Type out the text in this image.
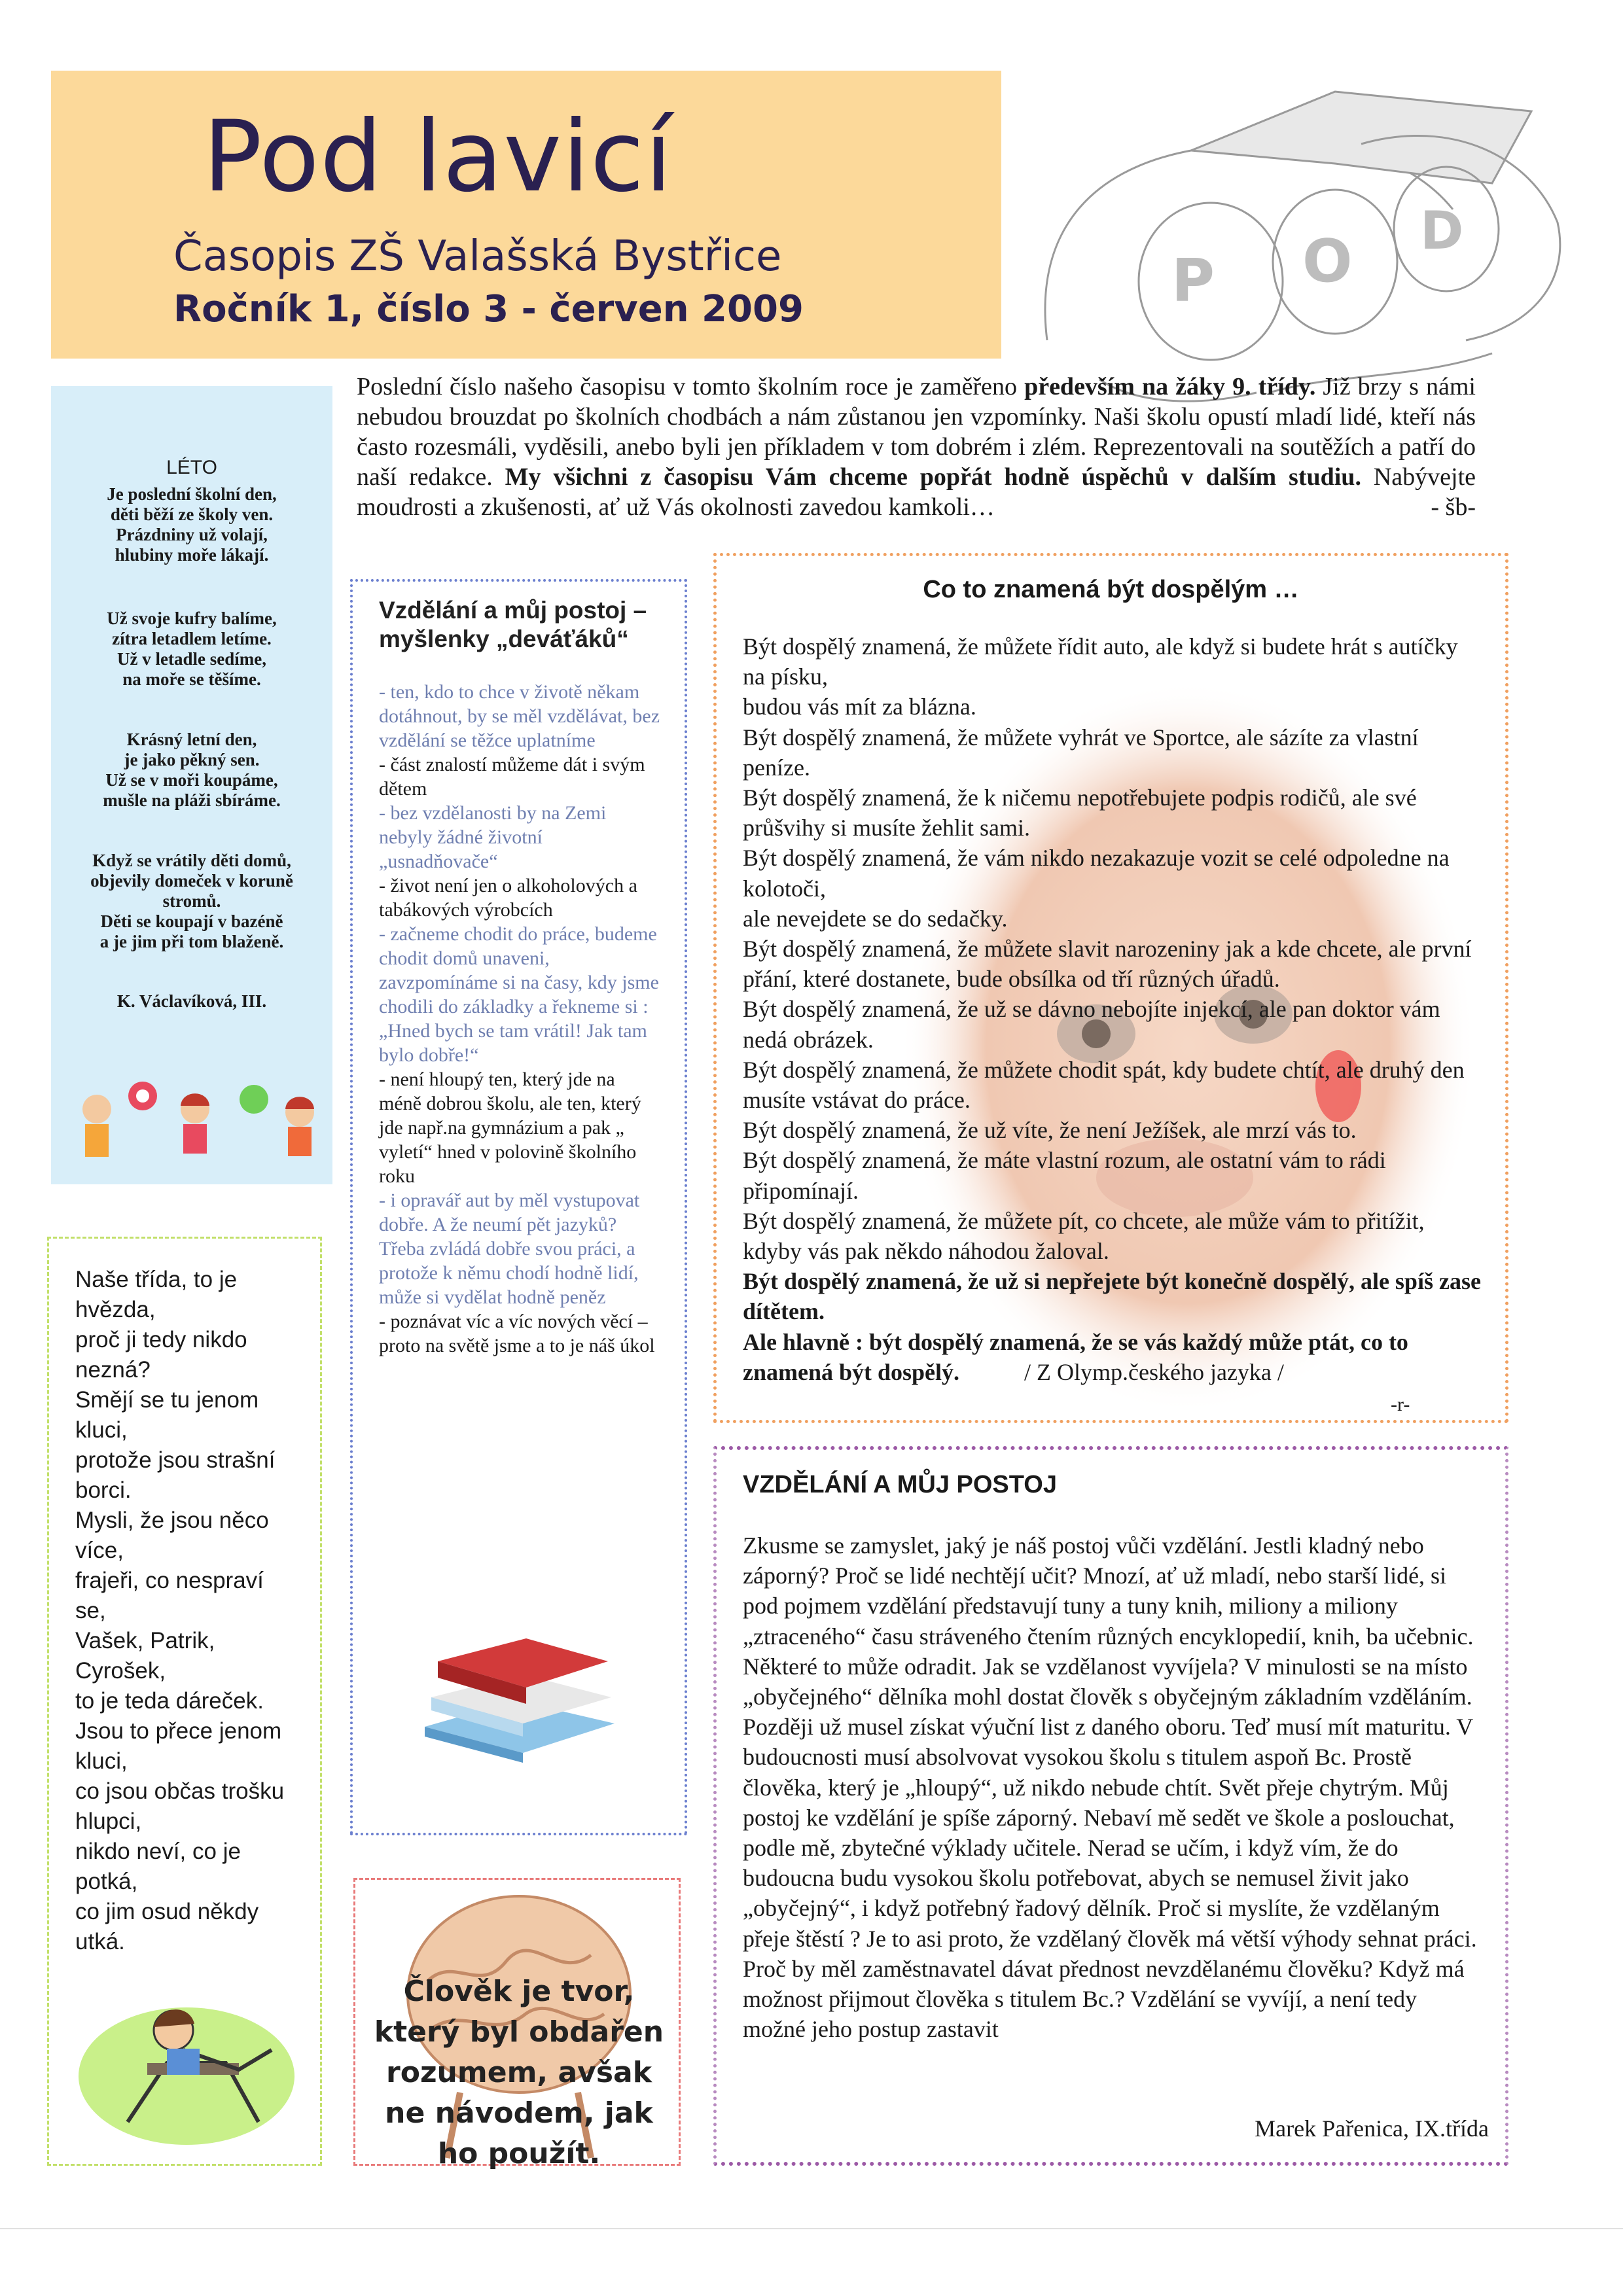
Pod lavicí
Časopis ZŠ Valašská Bystřice
Ročník 1, číslo 3 - červen 2009	P O D
Poslední číslo našeho časopisu v tomto školním roce je zaměřeno především na žáky 9. třídy. Již brzy s námi nebudou brouzdat po školních chodbách a nám zůstanou jen vzpomínky. Naši školu opustí mladí lidé, kteří nás často rozesmáli, vyděsili, anebo byli jen příkladem v tom dobrém i zlém. Reprezentovali na soutěžích a patří do naší redakce. My všichni z časopisu Vám chceme popřát hodně úspěchů v dalším studiu. Nabývejte moudrosti a zkušenosti, ať už Vás okolnosti zavedou kamkoli…	- šb-
LÉTO
Je poslední školní den,
děti běží ze školy ven.
Prázdniny už volají,
hlubiny moře lákají.
Už svoje kufry balíme,
zítra letadlem letíme.
Už v letadle sedíme,
na moře se těšíme.
Krásný letní den,
je jako pěkný sen.
Už se v moři koupáme,
mušle na pláži sbíráme.
Když se vrátily děti domů,
objevily domeček v koruně
stromů.
Děti se koupají v bazéně
a je jim při tom blaženě.
K. Václavíková, III.
Naše třída, to je
hvězda,
proč ji tedy nikdo
nezná?
Smějí se tu jenom
kluci,
protože jsou strašní
borci.
Mysli, že jsou něco
více,
frajeři, co nespraví
se,
Vašek, Patrik,
Cyrošek,
to je teda dáreček.
Jsou to přece jenom
kluci,
co jsou občas trošku
hlupci,
nikdo neví, co je
potká,
co jim osud někdy
utká.
Vzdělání a můj postoj – myšlenky „deváťáků“
- ten, kdo to chce v životě někam dotáhnout, by se měl vzdělávat, bez vzdělání se těžce uplatníme
- část znalostí můžeme dát i svým dětem
- bez vzdělanosti by na Zemi nebyly žádné životní „usnadňovače“
- život není jen o alkoholových a tabákových výrobcích
- začneme chodit do práce, budeme chodit domů unaveni, zavzpomínáme si na časy, kdy jsme chodili do základky a řekneme si : „Hned bych se tam vrátil! Jak tam bylo dobře!“
- není hloupý ten, který jde na méně dobrou školu, ale ten, který jde např.na gymnázium a pak „ vyletí“ hned v polovině školního roku
- i opravář aut by měl vystupovat dobře. A že neumí pět jazyků? Třeba zvládá dobře svou práci, a protože k němu chodí hodně lidí, může si vydělat hodně peněz
- poznávat víc a víc nových věcí – proto na světě jsme a to je náš úkol
Člověk je tvor, který byl obdařen rozumem, avšak ne návodem, jak ho použít.
Co to znamená být dospělým …

Být dospělý znamená, že můžete řídit auto, ale když si budete hrát s autíčky na písku,

budou vás mít za blázna.

Být dospělý znamená, že můžete vyhrát ve Sportce, ale sázíte za vlastní peníze.

Být dospělý znamená, že k ničemu nepotřebujete podpis rodičů, ale své průšvihy si musíte žehlit sami.

Být dospělý znamená, že vám nikdo nezakazuje vozit se celé odpoledne na kolotoči,

ale nevejdete se do sedačky.

Být dospělý znamená, že můžete slavit narozeniny jak a kde chcete, ale první přání, které dostanete, bude obsílka od tří různých úřadů.

Být dospělý znamená, že už se dávno nebojíte injekcí, ale pan doktor vám nedá obrázek.

Být dospělý znamená, že můžete chodit spát, kdy budete chtít, ale druhý den musíte vstávat do práce.

Být dospělý znamená, že už víte, že není Ježíšek, ale mrzí vás to.

Být dospělý znamená, že máte vlastní rozum, ale ostatní vám to rádi připomínají.

Být dospělý znamená, že můžete pít, co chcete, ale může vám to přitížit, kdyby vás pak někdo náhodou žaloval.

Být dospělý znamená, že už si nepřejete být konečně dospělý, ale spíš zase dítětem.

Ale hlavně : být dospělý znamená, že se vás každý může ptát, co to znamená být dospělý.	/ Z Olymp.českého jazyka /

-r-
VZDĚLÁNÍ A MŮJ POSTOJ
Zkusme se zamyslet, jaký je náš postoj vůči vzdělání. Jestli kladný nebo záporný? Proč se lidé nechtějí učit? Mnozí, ať už mladí, nebo starší lidé, si pod pojmem vzdělání představují tuny a tuny knih, miliony a miliony „ztraceného“ času stráveného čtením různých encyklopedií, knih, ba učebnic. Některé to může odradit. Jak se vzdělanost vyvíjela? V minulosti se na místo „obyčejného“ dělníka mohl dostat člověk s obyčejným základním vzděláním. Později už musel získat výuční list z daného oboru. Teď musí mít maturitu. V budoucnosti musí absolvovat vysokou školu s titulem aspoň Bc. Prostě člověka, který je „hloupý“, už nikdo nebude chtít. Svět přeje chytrým. Můj postoj ke vzdělání je spíše záporný. Nebaví mě sedět ve škole a poslouchat, podle mě, zbytečné výklady učitele. Nerad se učím, i když vím, že do budoucna budu vysokou školu potřebovat, abych se nemusel živit jako „obyčejný“, i když potřebný řadový dělník. Proč si myslíte, že vzdělaným přeje štěstí ? Je to asi proto, že vzdělaný člověk má větší výhody sehnat práci. Proč by měl zaměstnavatel dávat přednost nevzdělanému člověku? Když má možnost přijmout člověka s titulem Bc.? Vzdělání se vyvíjí, a není tedy možné jeho postup zastavit
Marek Pařenica, IX.třída
